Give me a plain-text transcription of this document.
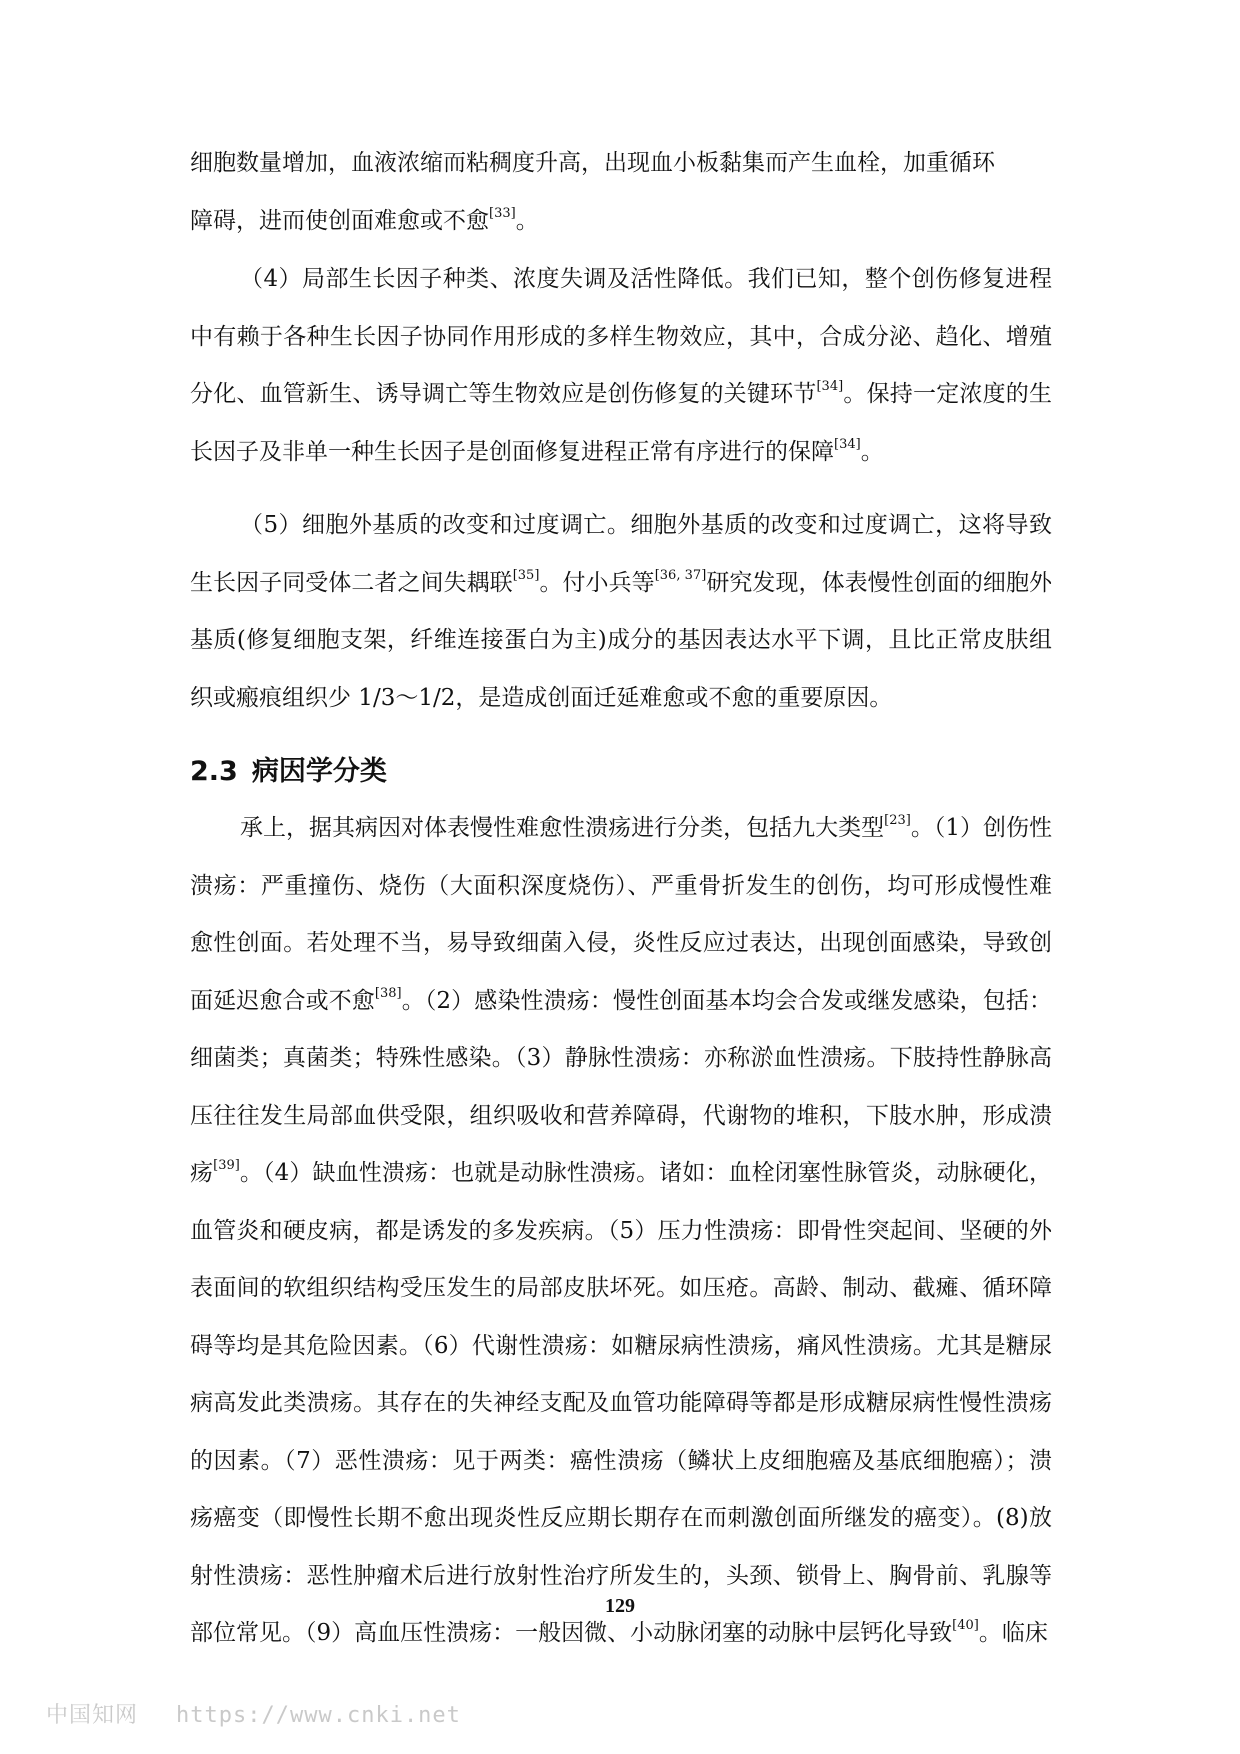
细胞数量增加，血液浓缩而粘稠度升高，出现血小板黏集而产生血栓，加重循环
障碍，进而使创面难愈或不愈[33]。

（4）局部生长因子种类、浓度失调及活性降低。我们已知，整个创伤修复进程中有赖于各种生长因子协同作用形成的多样生物效应，其中，合成分泌、趋化、增殖分化、血管新生、诱导调亡等生物效应是创伤修复的关键环节[34]。保持一定浓度的生长因子及非单一种生长因子是创面修复进程正常有序进行的保障[34]。

（5）细胞外基质的改变和过度调亡。细胞外基质的改变和过度调亡，这将导致生长因子同受体二者之间失耦联[35]。付小兵等[36, 37]研究发现，体表慢性创面的细胞外基质(修复细胞支架，纤维连接蛋白为主)成分的基因表达水平下调，且比正常皮肤组织或瘢痕组织少 1/3～1/2，是造成创面迁延难愈或不愈的重要原因。

2.3 病因学分类

承上，据其病因对体表慢性难愈性溃疡进行分类，包括九大类型[23]。（1）创伤性溃疡：严重撞伤、烧伤（大面积深度烧伤）、严重骨折发生的创伤，均可形成慢性难愈性创面。若处理不当，易导致细菌入侵，炎性反应过表达，出现创面感染，导致创面延迟愈合或不愈[38]。（2）感染性溃疡：慢性创面基本均会合发或继发感染，包括：细菌类；真菌类；特殊性感染。（3）静脉性溃疡：亦称淤血性溃疡。下肢持性静脉高压往往发生局部血供受限，组织吸收和营养障碍，代谢物的堆积，下肢水肿，形成溃疡[39]。（4）缺血性溃疡：也就是动脉性溃疡。诸如：血栓闭塞性脉管炎，动脉硬化，血管炎和硬皮病，都是诱发的多发疾病。（5）压力性溃疡：即骨性突起间、坚硬的外表面间的软组织结构受压发生的局部皮肤坏死。如压疮。高龄、制动、截瘫、循环障碍等均是其危险因素。（6）代谢性溃疡：如糖尿病性溃疡，痛风性溃疡。尤其是糖尿病高发此类溃疡。其存在的失神经支配及血管功能障碍等都是形成糖尿病性慢性溃疡的因素。（7）恶性溃疡：见于两类：癌性溃疡（鳞状上皮细胞癌及基底细胞癌）；溃疡癌变（即慢性长期不愈出现炎性反应期长期存在而刺激创面所继发的癌变）。(8)放射性溃疡：恶性肿瘤术后进行放射性治疗所发生的，头颈、锁骨上、胸骨前、乳腺等部位常见。（9）高血压性溃疡：一般因微、小动脉闭塞的动脉中层钙化导致[40]。临床

129
中国知网 https://www.cnki.net
